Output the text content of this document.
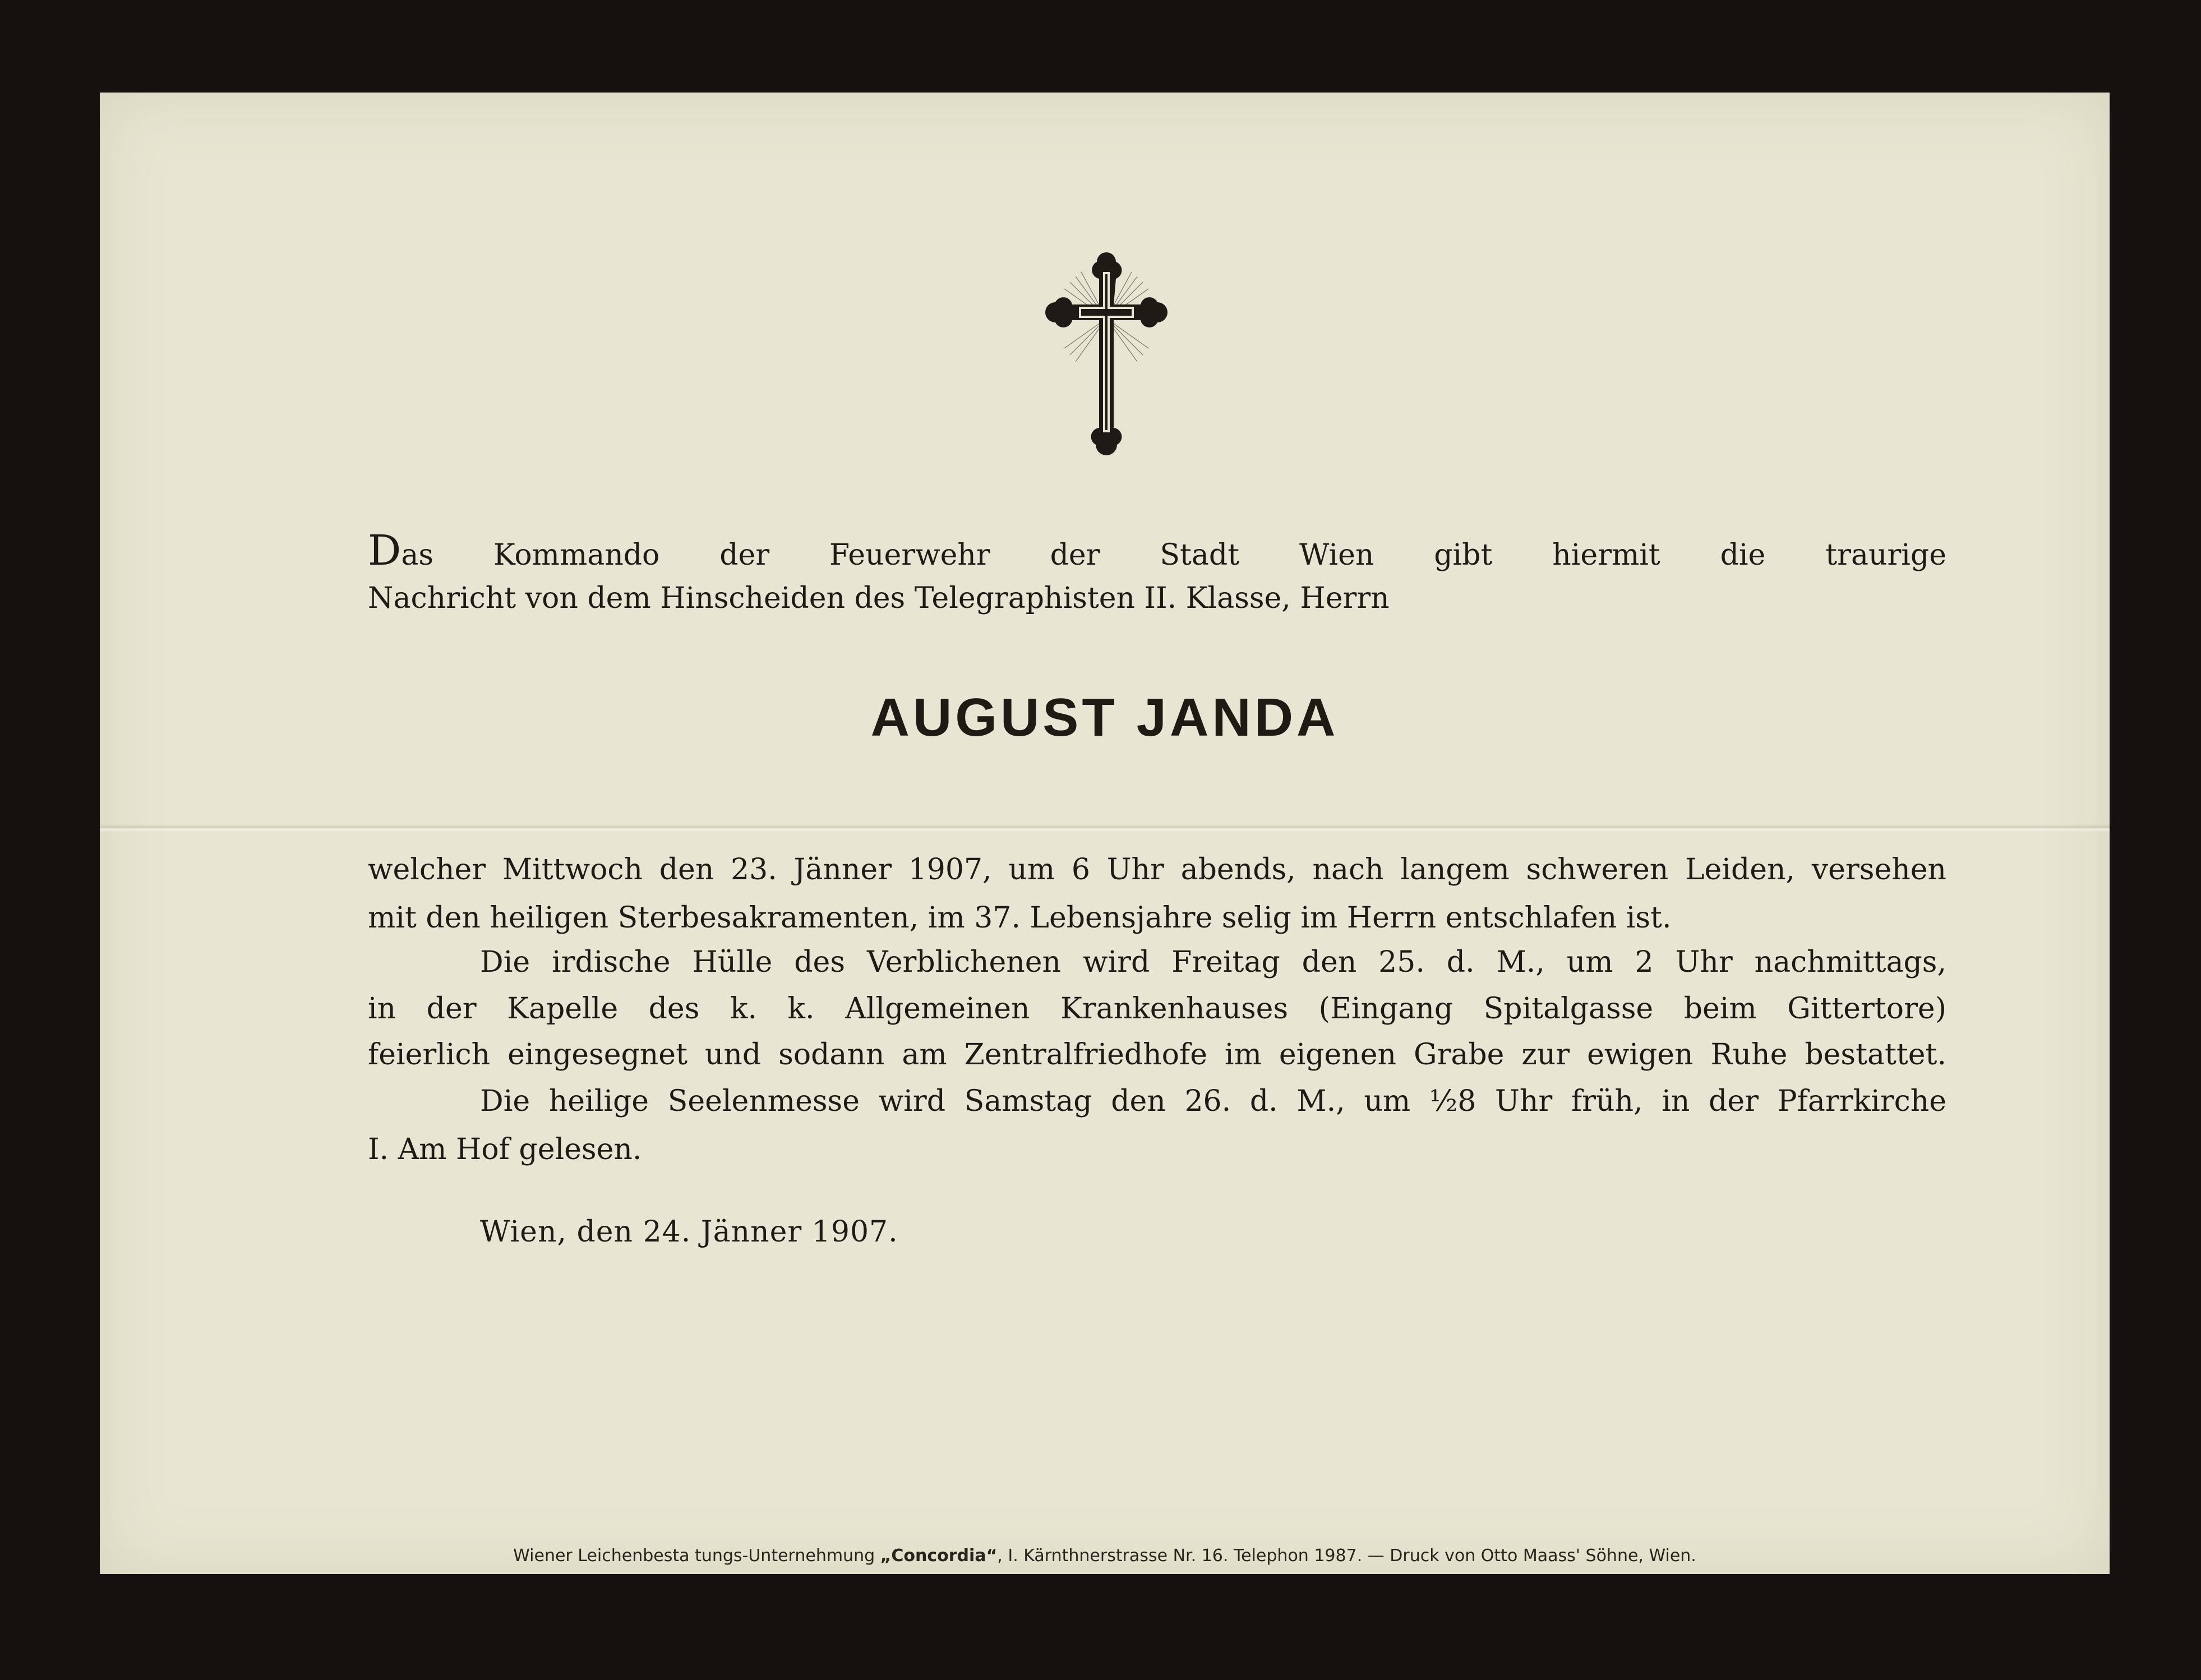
Das Kommando der Feuerwehr der Stadt Wien gibt hiermit die traurige

Nachricht von dem Hinscheiden des Telegraphisten II. Klasse, Herrn

AUGUST JANDA

welcher Mittwoch den 23. Jänner 1907, um 6 Uhr abends, nach langem schweren Leiden, versehen

mit den heiligen Sterbesakramenten, im 37. Lebensjahre selig im Herrn entschlafen ist.

Die irdische Hülle des Verblichenen wird Freitag den 25. d. M., um 2 Uhr nachmittags,

in der Kapelle des k. k. Allgemeinen Krankenhauses (Eingang Spitalgasse beim Gittertore)

feierlich eingesegnet und sodann am Zentralfriedhofe im eigenen Grabe zur ewigen Ruhe bestattet.

Die heilige Seelenmesse wird Samstag den 26. d. M., um ½8 Uhr früh, in der Pfarrkirche

I. Am Hof gelesen.

Wien, den 24. Jänner 1907.

Wiener Leichenbesta tungs-Unternehmung „Concordia“, I. Kärnthnerstrasse Nr. 16. Telephon 1987. — Druck von Otto Maass' Söhne, Wien.
